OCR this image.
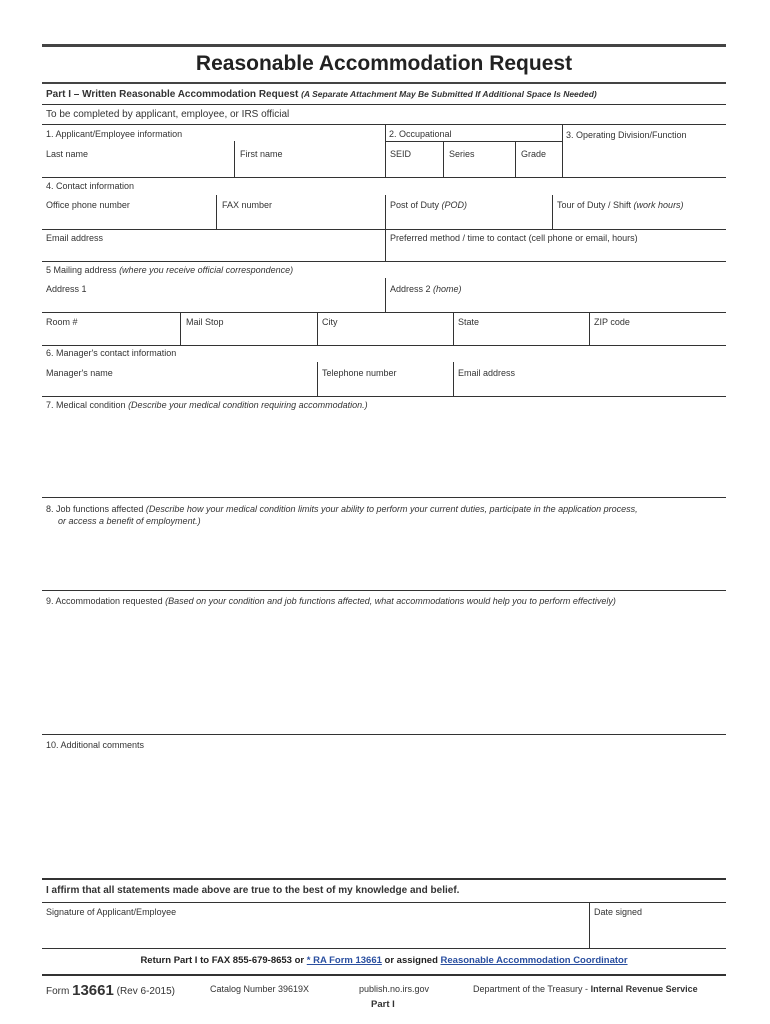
Reasonable Accommodation Request
Part I – Written Reasonable Accommodation Request (A Separate Attachment May Be Submitted If Additional Space Is Needed)
To be completed by applicant, employee, or IRS official
1. Applicant/Employee information	2. Occupational	3. Operating Division/Function
Last name	First name	SEID	Series	Grade
4. Contact information
Office phone number	FAX number	Post of Duty (POD)	Tour of Duty / Shift (work hours)
Email address	Preferred method / time to contact (cell phone or email, hours)
5 Mailing address (where you receive official correspondence)
Address 1	Address 2 (home)
Room #	Mail Stop	City	State	ZIP code
6. Manager's contact information
Manager's name	Telephone number	Email address
7. Medical condition (Describe your medical condition requiring accommodation.)
8. Job functions affected (Describe how your medical condition limits your ability to perform your current duties, participate in the application process,
or access a benefit of employment.)
9. Accommodation requested (Based on your condition and job functions affected, what accommodations would help you to perform effectively)
10. Additional comments
I affirm that all statements made above are true to the best of my knowledge and belief.
Signature of Applicant/Employee	Date signed
Return Part I to FAX 855-679-8653 or * RA Form 13661 or assigned Reasonable Accommodation Coordinator
Form 13661 (Rev 6-2015)	Catalog Number 39619X	publish.no.irs.gov	Department of the Treasury - Internal Revenue Service
Part I
